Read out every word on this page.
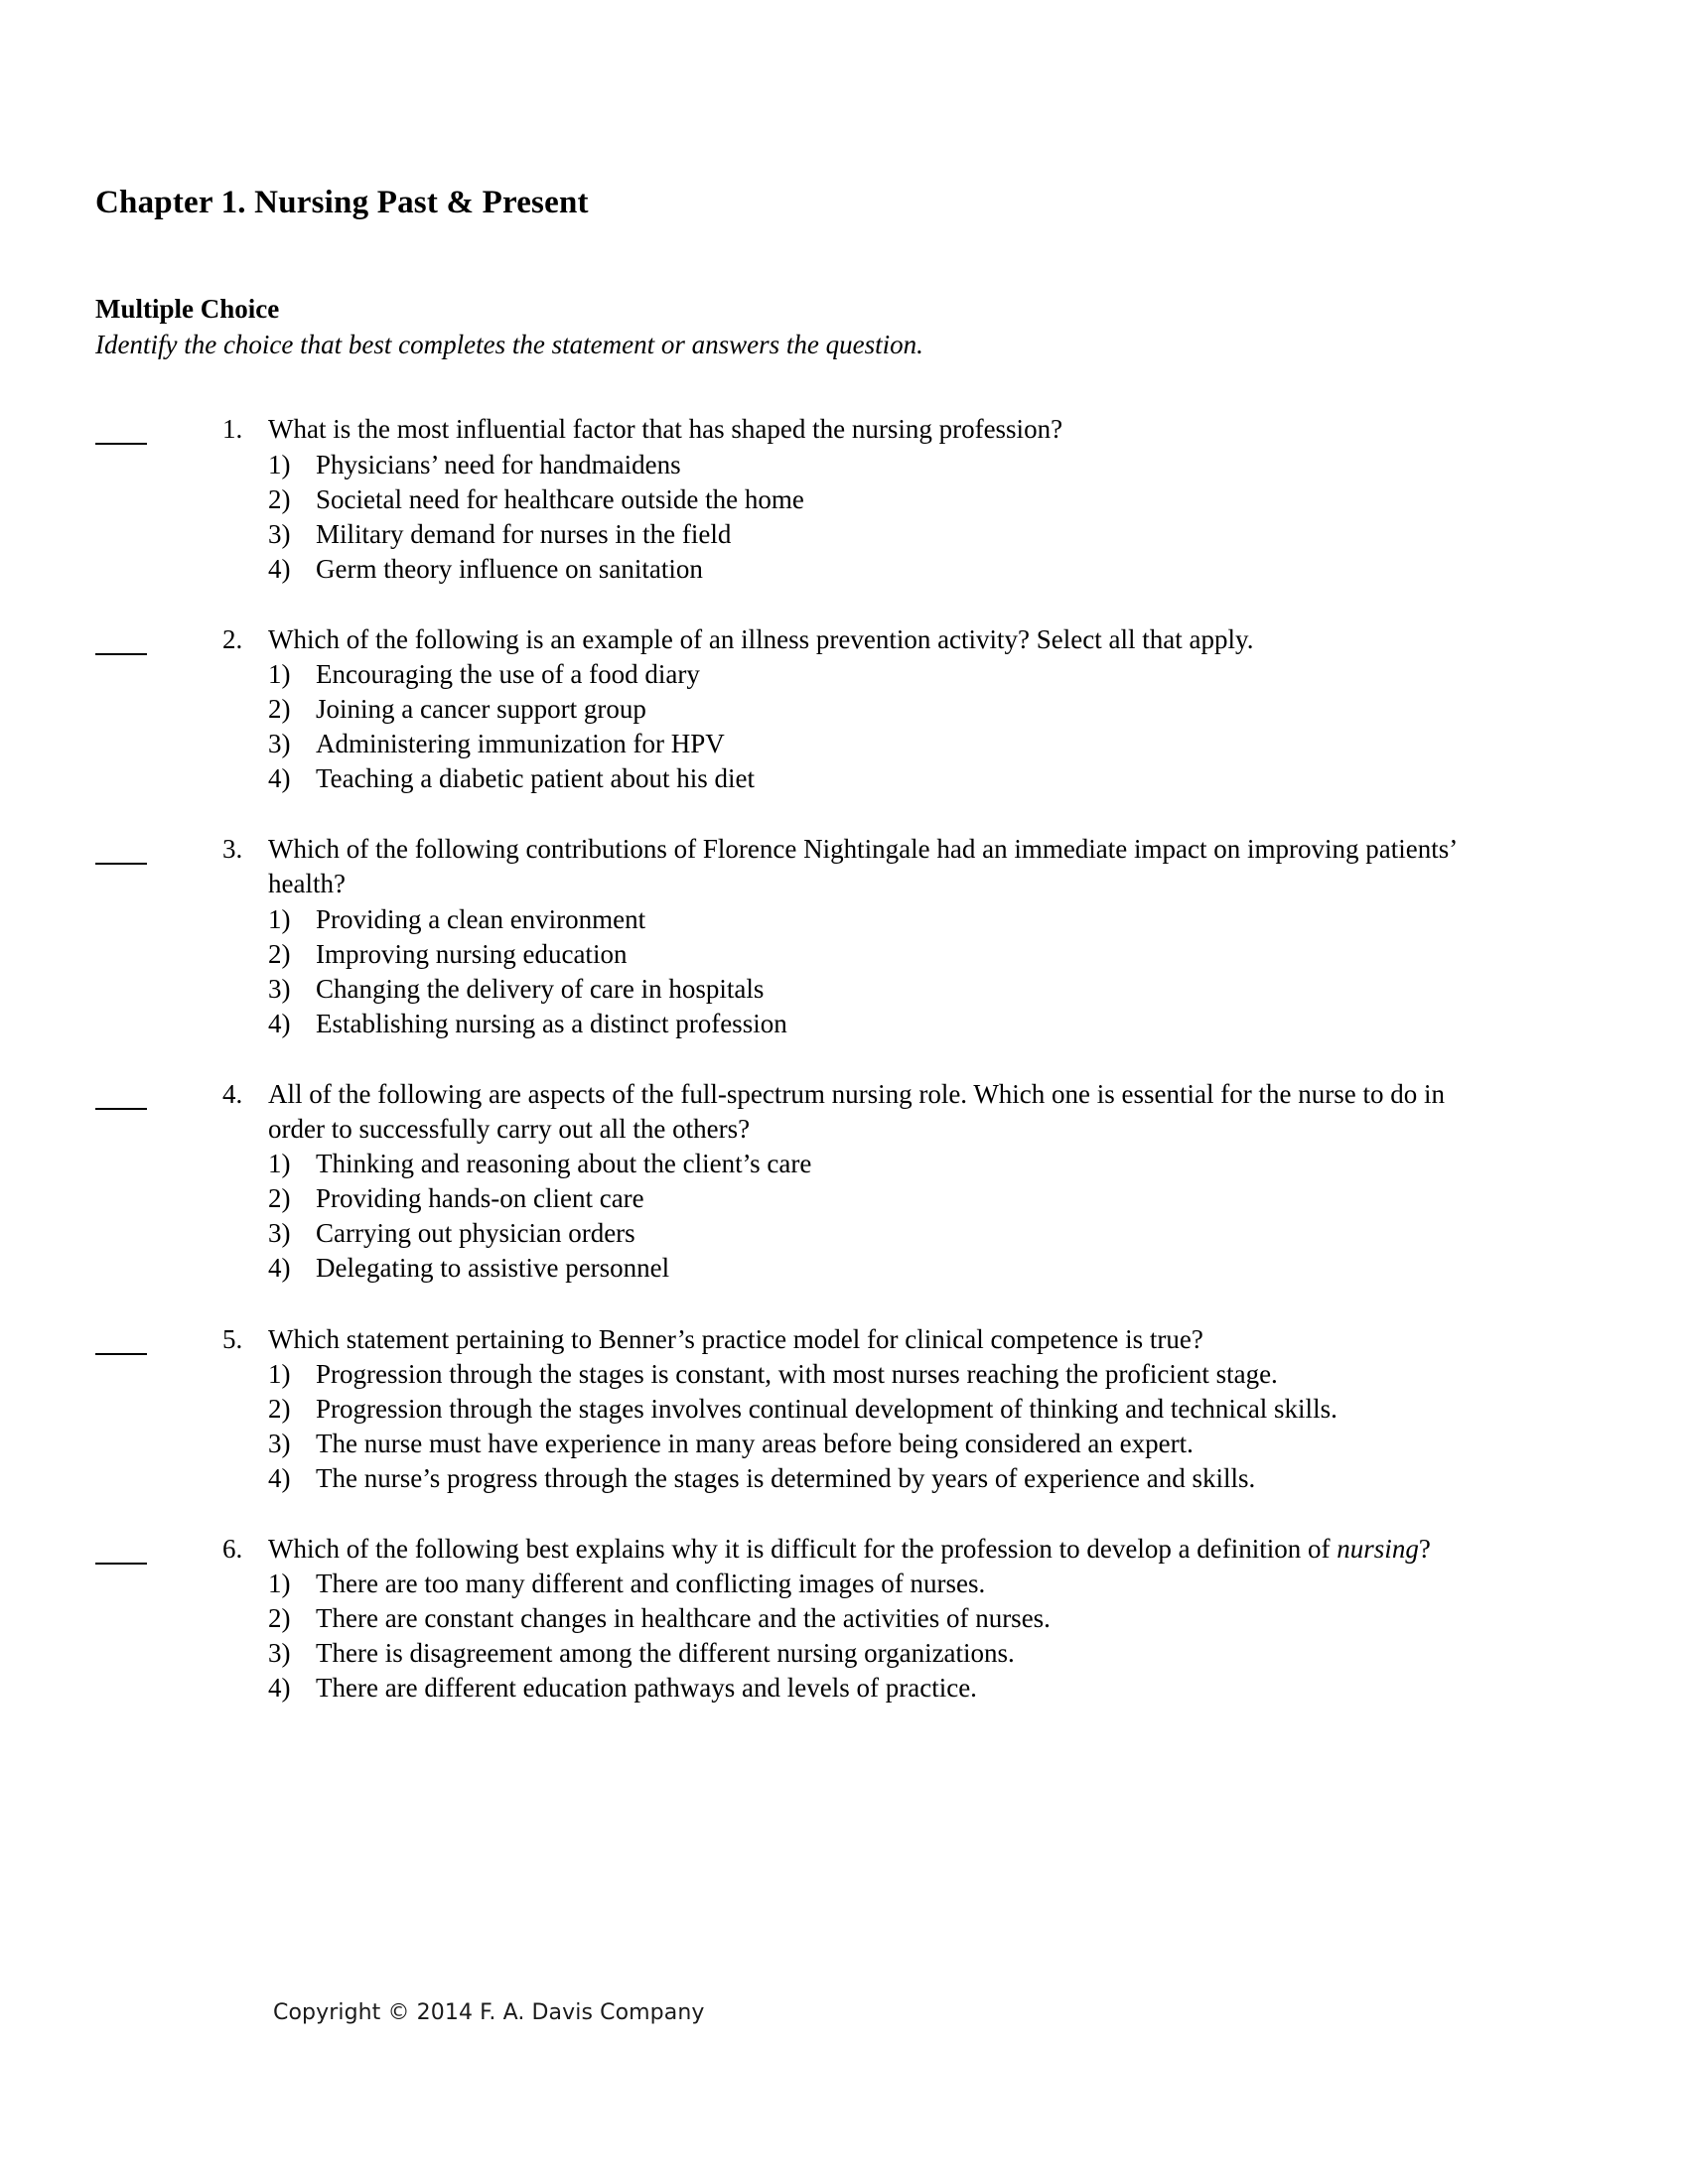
Chapter 1. Nursing Past & Present
Multiple Choice

Identify the choice that best completes the statement or answers the question.

1. What is the most influential factor that has shaped the nursing profession?
1) Physicians’ need for handmaidens
2) Societal need for healthcare outside the home
3) Military demand for nurses in the field
4) Germ theory influence on sanitation
2. Which of the following is an example of an illness prevention activity? Select all that apply.
1) Encouraging the use of a food diary
2) Joining a cancer support group
3) Administering immunization for HPV
4) Teaching a diabetic patient about his diet
3. Which of the following contributions of Florence Nightingale had an immediate impact on improving patients’ health?
1) Providing a clean environment
2) Improving nursing education
3) Changing the delivery of care in hospitals
4) Establishing nursing as a distinct profession
4. All of the following are aspects of the full-spectrum nursing role. Which one is essential for the nurse to do in order to successfully carry out all the others?
1) Thinking and reasoning about the client’s care
2) Providing hands-on client care
3) Carrying out physician orders
4) Delegating to assistive personnel
5. Which statement pertaining to Benner’s practice model for clinical competence is true?
1) Progression through the stages is constant, with most nurses reaching the proficient stage.
2) Progression through the stages involves continual development of thinking and technical skills.
3) The nurse must have experience in many areas before being considered an expert.
4) The nurse’s progress through the stages is determined by years of experience and skills.
6. Which of the following best explains why it is difficult for the profession to develop a definition of nursing?
1) There are too many different and conflicting images of nurses.
2) There are constant changes in healthcare and the activities of nurses.
3) There is disagreement among the different nursing organizations.
4) There are different education pathways and levels of practice.
Copyright © 2014 F. A. Davis Company
